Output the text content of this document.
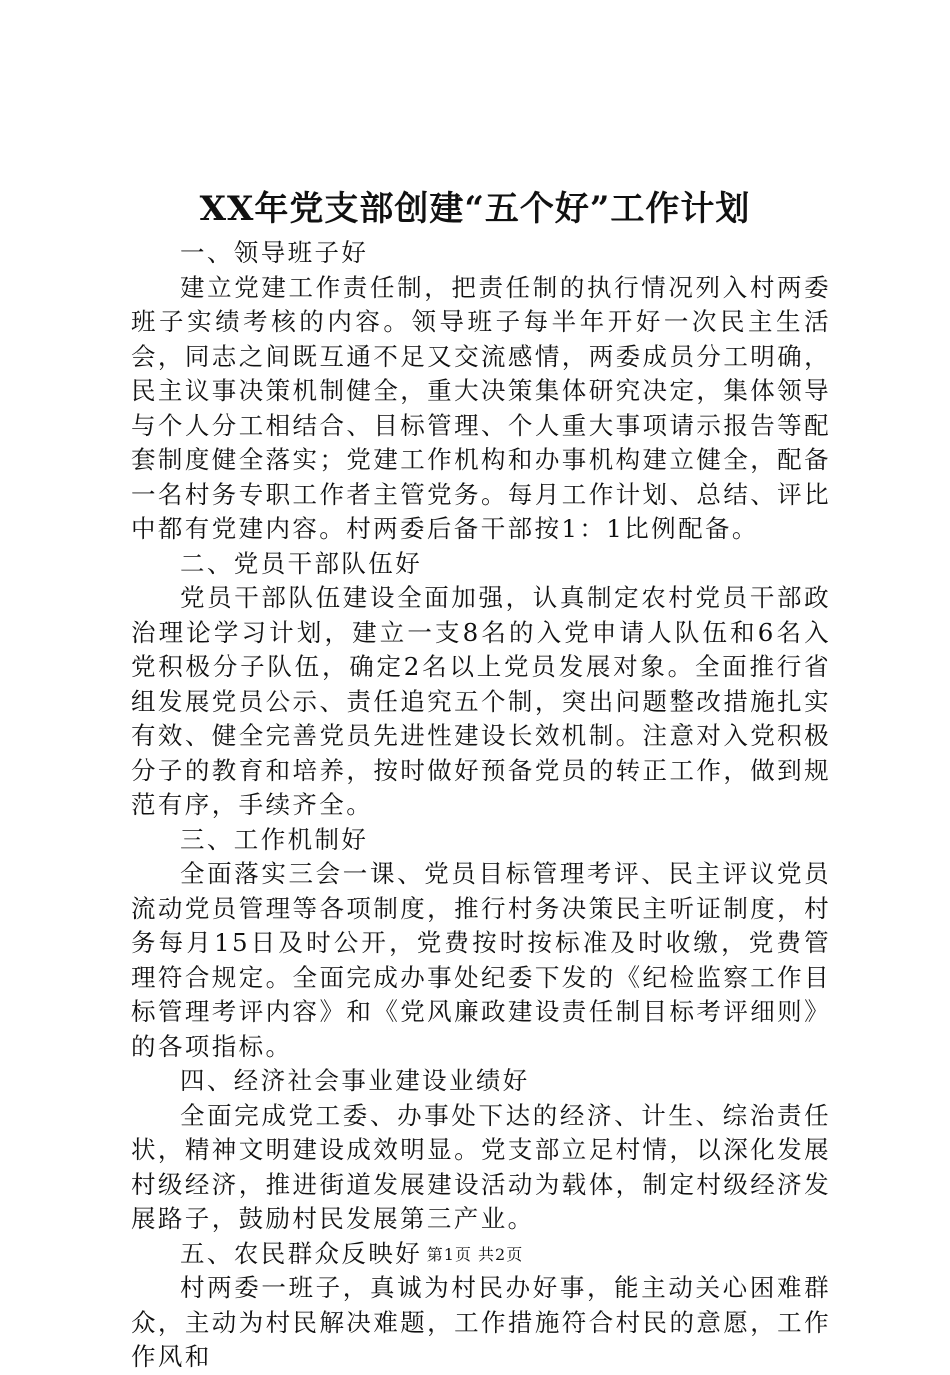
XX年党支部创建“五个好”工作计划

一、领导班子好

建立党建工作责任制，把责任制的执行情况列入村两委班子实绩考核的内容。领导班子每半年开好一次民主生活会，同志之间既互通不足又交流感情，两委成员分工明确，民主议事决策机制健全，重大决策集体研究决定，集体领导与个人分工相结合、目标管理、个人重大事项请示报告等配套制度健全落实；党建工作机构和办事机构建立健全，配备一名村务专职工作者主管党务。每月工作计划、总结、评比中都有党建内容。村两委后备干部按1：1比例配备。

二、党员干部队伍好

党员干部队伍建设全面加强，认真制定农村党员干部政治理论学习计划，建立一支8名的入党申请人队伍和6名入党积极分子队伍，确定2名以上党员发展对象。全面推行省组发展党员公示、责任追究五个制，突出问题整改措施扎实有效、健全完善党员先进性建设长效机制。注意对入党积极分子的教育和培养，按时做好预备党员的转正工作，做到规范有序，手续齐全。

三、工作机制好

全面落实三会一课、党员目标管理考评、民主评议党员流动党员管理等各项制度，推行村务决策民主听证制度，村务每月15日及时公开，党费按时按标准及时收缴，党费管理符合规定。全面完成办事处纪委下发的《纪检监察工作目标管理考评内容》和《党风廉政建设责任制目标考评细则》的各项指标。

四、经济社会事业建设业绩好

全面完成党工委、办事处下达的经济、计生、综治责任状，精神文明建设成效明显。党支部立足村情，以深化发展村级经济，推进街道发展建设活动为载体，制定村级经济发展路子，鼓励村民发展第三产业。

五、农民群众反映好

村两委一班子，真诚为村民办好事，能主动关心困难群众，主动为村民解决难题，工作措施符合村民的意愿，工作作风和

第1页 共2页
